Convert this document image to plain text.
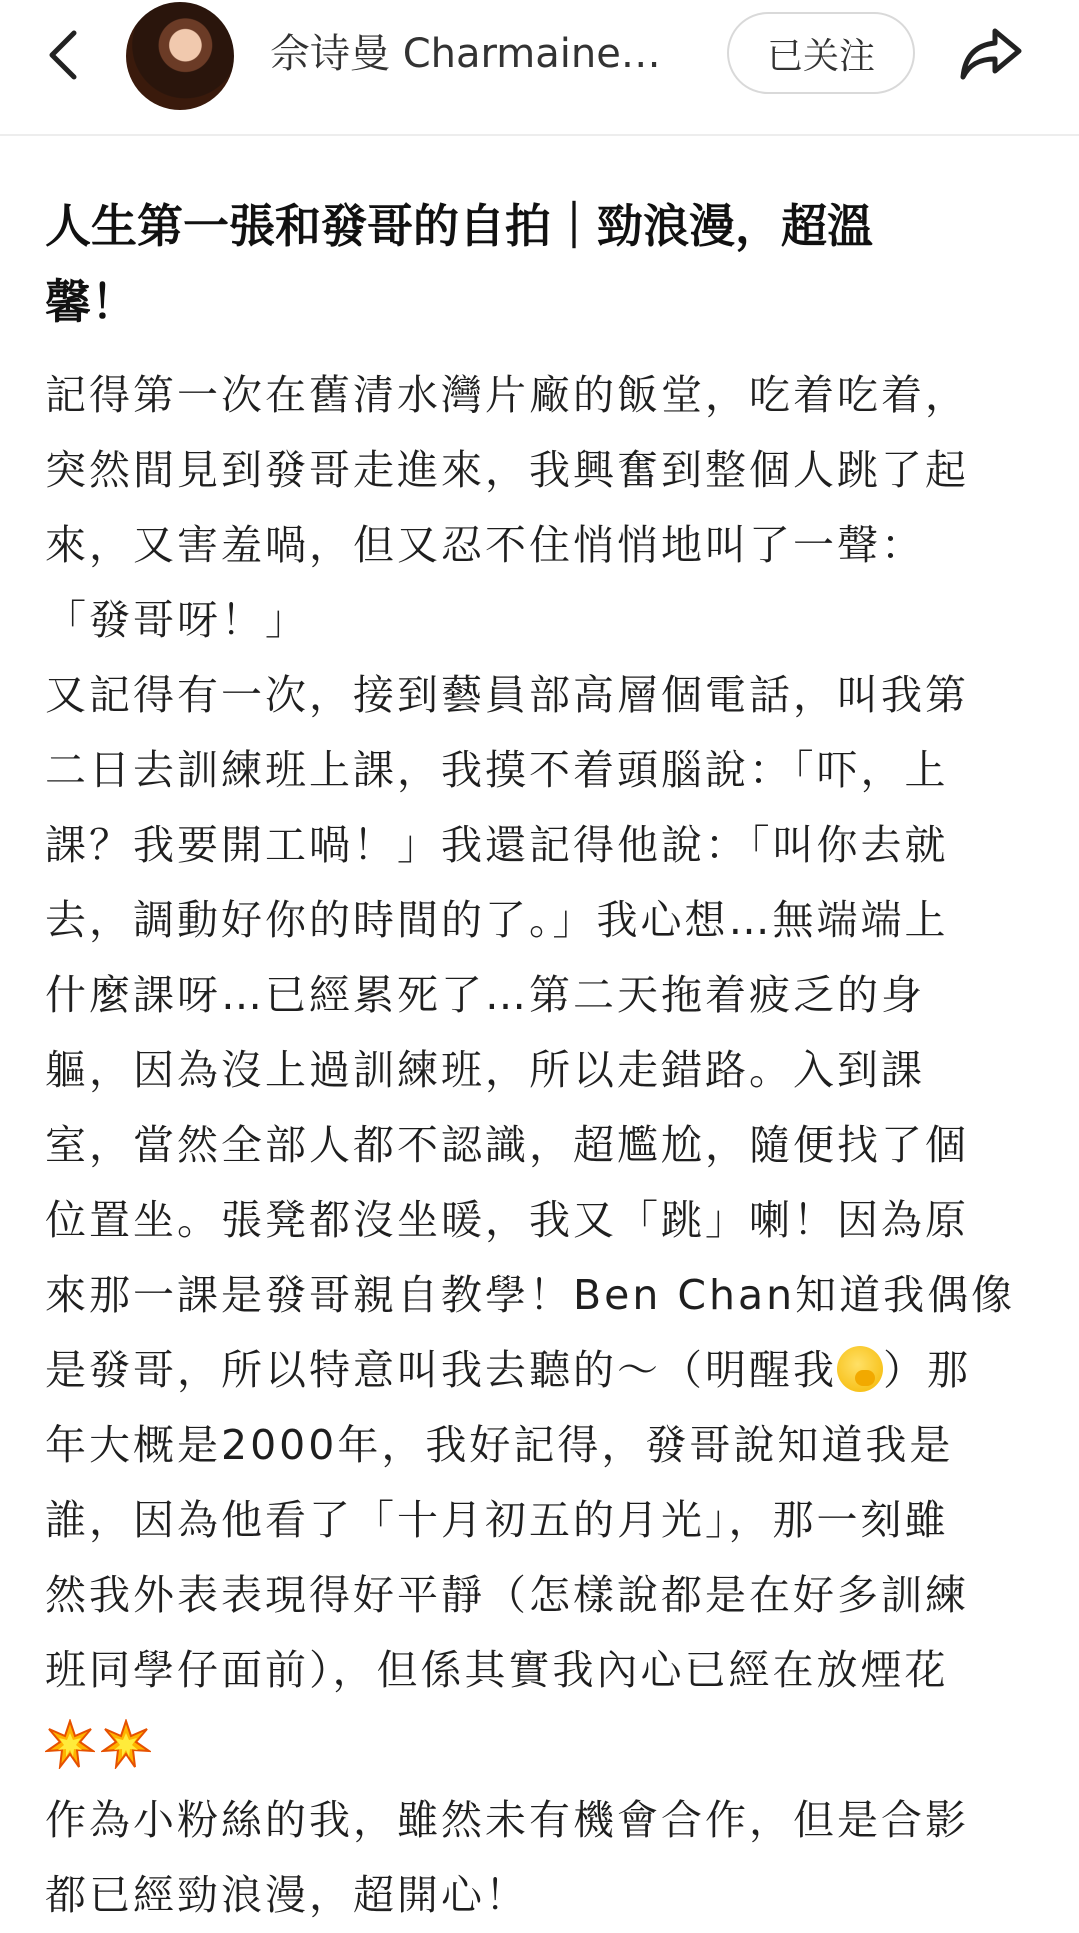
佘诗曼 Charmaine…	已关注
人生第一張和發哥的自拍｜勁浪漫，超溫
馨！
記得第一次在舊清水灣片廠的飯堂，吃着吃着，
突然間見到發哥走進來，我興奮到整個人跳了起
來，又害羞喎，但又忍不住悄悄地叫了一聲：
「發哥呀！」
又記得有一次，接到藝員部高層個電話，叫我第
二日去訓練班上課，我摸不着頭腦說：「吓，上
課？我要開工喎！」我還記得他說：「叫你去就
去，調動好你的時間的了。」我心想…無端端上
什麼課呀…已經累死了…第二天拖着疲乏的身
軀，因為沒上過訓練班，所以走錯路。入到課
室，當然全部人都不認識，超尷尬，隨便找了個
位置坐。張凳都沒坐暖，我又「跳」喇！因為原
來那一課是發哥親自教學！Ben Chan知道我偶像
是發哥，所以特意叫我去聽的～（明醒我 ）那
年大概是2000年，我好記得，發哥說知道我是
誰，因為他看了「十月初五的月光」，那一刻雖
然我外表表現得好平靜（怎樣說都是在好多訓練
班同學仔面前），但係其實我內心已經在放煙花
作為小粉絲的我，雖然未有機會合作，但是合影
都已經勁浪漫，超開心！
